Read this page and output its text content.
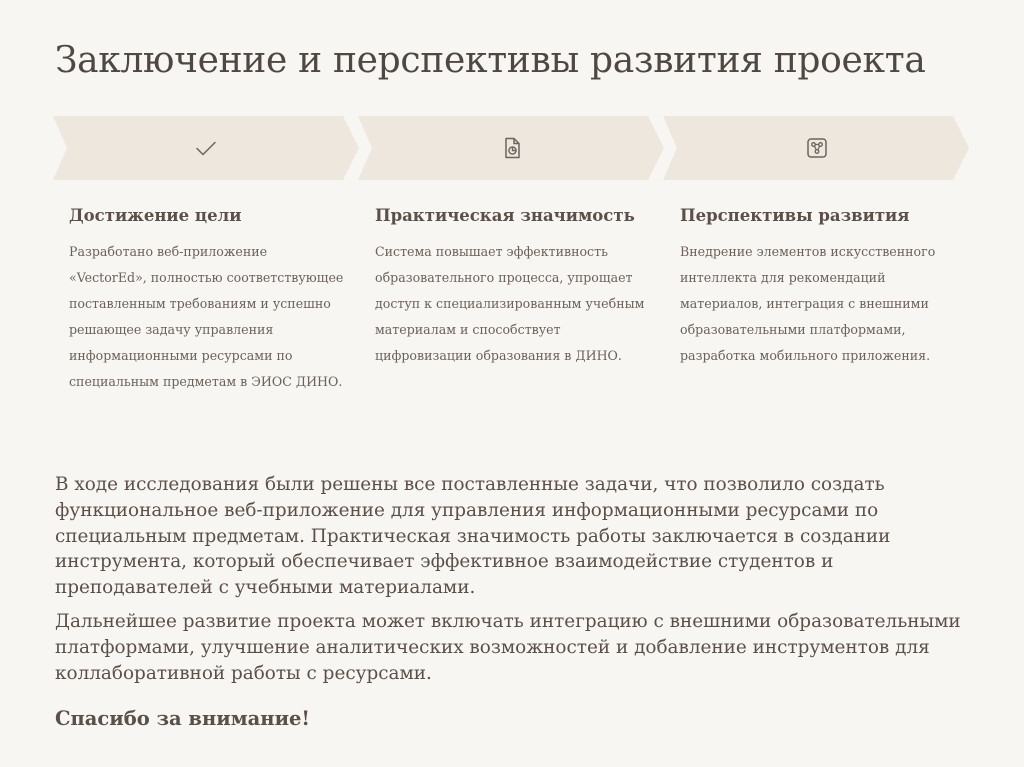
Заключение и перспективы развития проекта
Достижение цели

Разработано веб-приложение «VectorEd», полностью соответствующее поставленным требованиям и успешно решающее задачу управления информационными ресурсами по специальным предметам в ЭИОС ДИНО.

Практическая значимость

Система повышает эффективность образовательного процесса, упрощает доступ к специализированным учебным материалам и способствует цифровизации образования в ДИНО.

Перспективы развития

Внедрение элементов искусственного интеллекта для рекомендаций материалов, интеграция с внешними образовательными платформами, разработка мобильного приложения.

В ходе исследования были решены все поставленные задачи, что позволило создать функциональное веб-приложение для управления информационными ресурсами по специальным предметам. Практическая значимость работы заключается в создании инструмента, который обеспечивает эффективное взаимодействие студентов и преподавателей с учебными материалами.

Дальнейшее развитие проекта может включать интеграцию с внешними образовательными платформами, улучшение аналитических возможностей и добавление инструментов для коллаборативной работы с ресурсами.

Спасибо за внимание!
